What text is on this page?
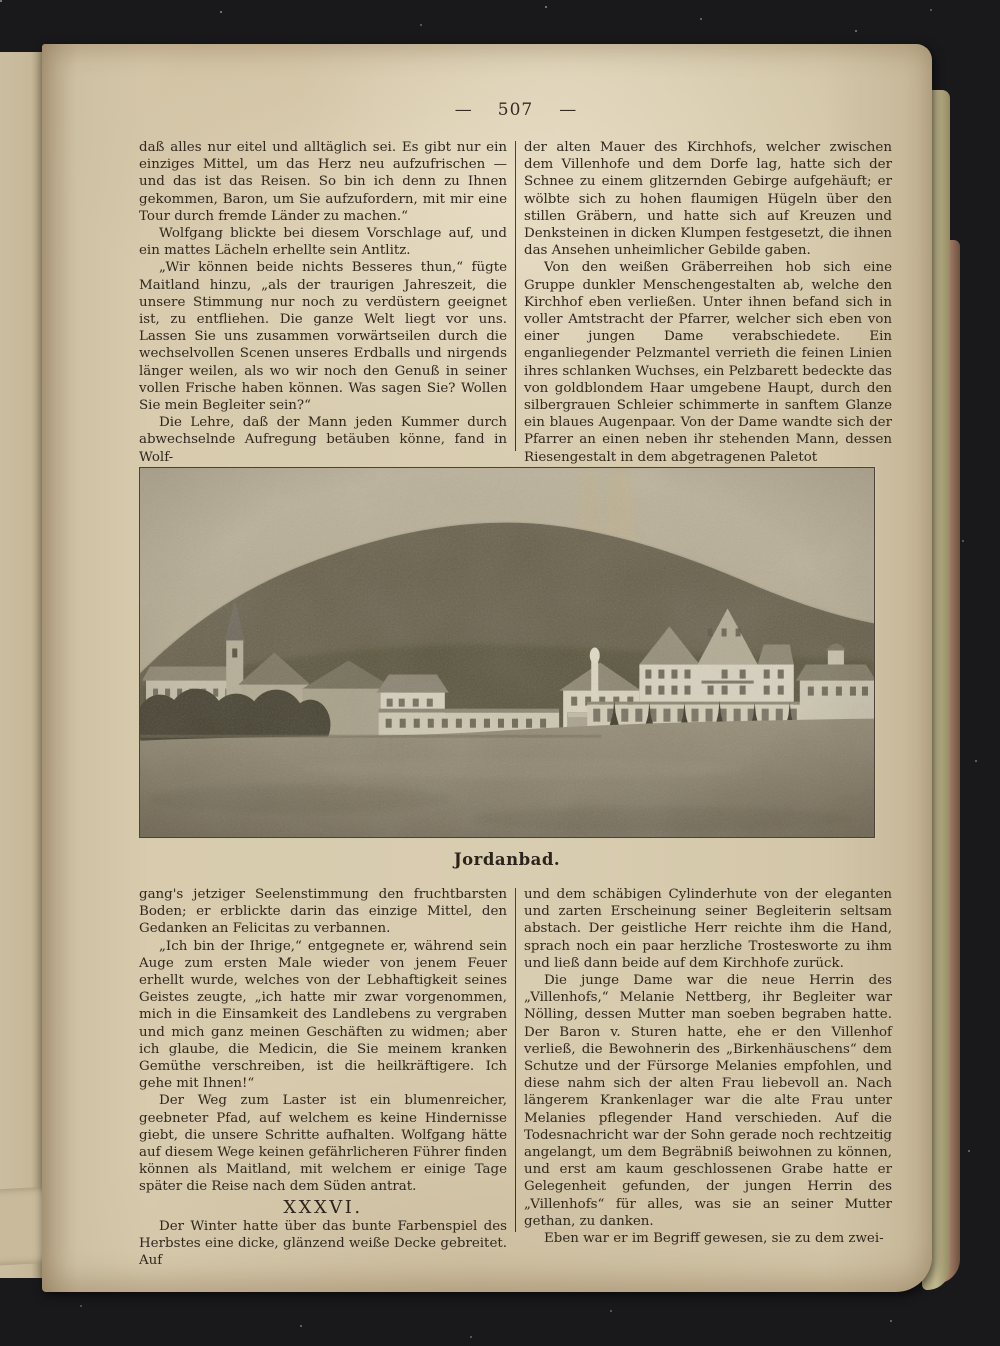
— 507 —

daß alles nur eitel und alltäglich sei. Es gibt nur ein einziges Mittel, um das Herz neu aufzufrischen — und das ist das Reisen. So bin ich denn zu Ihnen gekommen, Baron, um Sie aufzufordern, mit mir eine Tour durch fremde Länder zu machen.“

Wolfgang blickte bei diesem Vorschlage auf, und ein mattes Lächeln erhellte sein Antlitz.

„Wir können beide nichts Besseres thun,“ fügte Maitland hinzu, „als der traurigen Jahreszeit, die unsere Stimmung nur noch zu verdüstern geeignet ist, zu entfliehen. Die ganze Welt liegt vor uns. Lassen Sie uns zusammen vorwärtseilen durch die wechselvollen Scenen unseres Erdballs und nirgends länger weilen, als wo wir noch den Genuß in seiner vollen Frische haben können. Was sagen Sie? Wollen Sie mein Begleiter sein?“

Die Lehre, daß der Mann jeden Kummer durch abwechselnde Aufregung betäuben könne, fand in Wolf-

der alten Mauer des Kirchhofs, welcher zwischen dem Villenhofe und dem Dorfe lag, hatte sich der Schnee zu einem glitzernden Gebirge aufgehäuft; er wölbte sich zu hohen flaumigen Hügeln über den stillen Gräbern, und hatte sich auf Kreuzen und Denksteinen in dicken Klumpen festgesetzt, die ihnen das Ansehen unheimlicher Gebilde gaben.

Von den weißen Gräberreihen hob sich eine Gruppe dunkler Menschengestalten ab, welche den Kirchhof eben verließen. Unter ihnen befand sich in voller Amtstracht der Pfarrer, welcher sich eben von einer jungen Dame verabschiedete. Ein enganliegender Pelzmantel verrieth die feinen Linien ihres schlanken Wuchses, ein Pelzbarett bedeckte das von goldblondem Haar umgebene Haupt, durch den silbergrauen Schleier schimmerte in sanftem Glanze ein blaues Augenpaar. Von der Dame wandte sich der Pfarrer an einen neben ihr stehenden Mann, dessen Riesengestalt in dem abgetragenen Paletot

Jordanbad.

gang's jetziger Seelenstimmung den fruchtbarsten Boden; er erblickte darin das einzige Mittel, den Gedanken an Felicitas zu verbannen.

„Ich bin der Ihrige,“ entgegnete er, während sein Auge zum ersten Male wieder von jenem Feuer erhellt wurde, welches von der Lebhaftigkeit seines Geistes zeugte, „ich hatte mir zwar vorgenommen, mich in die Einsamkeit des Landlebens zu vergraben und mich ganz meinen Geschäften zu widmen; aber ich glaube, die Medicin, die Sie meinem kranken Gemüthe verschreiben, ist die heilkräftigere. Ich gehe mit Ihnen!“

Der Weg zum Laster ist ein blumenreicher, geebneter Pfad, auf welchem es keine Hindernisse giebt, die unsere Schritte aufhalten. Wolfgang hätte auf diesem Wege keinen gefährlicheren Führer finden können als Maitland, mit welchem er einige Tage später die Reise nach dem Süden antrat.

XXXVI.

Der Winter hatte über das bunte Farbenspiel des Herbstes eine dicke, glänzend weiße Decke gebreitet. Auf

und dem schäbigen Cylinderhute von der eleganten und zarten Erscheinung seiner Begleiterin seltsam abstach. Der geistliche Herr reichte ihm die Hand, sprach noch ein paar herzliche Trostesworte zu ihm und ließ dann beide auf dem Kirchhofe zurück.

Die junge Dame war die neue Herrin des „Villenhofs,“ Melanie Nettberg, ihr Begleiter war Nölling, dessen Mutter man soeben begraben hatte. Der Baron v. Sturen hatte, ehe er den Villenhof verließ, die Bewohnerin des „Birkenhäuschens“ dem Schutze und der Fürsorge Melanies empfohlen, und diese nahm sich der alten Frau liebevoll an. Nach längerem Krankenlager war die alte Frau unter Melanies pflegender Hand verschieden. Auf die Todesnachricht war der Sohn gerade noch rechtzeitig angelangt, um dem Begräbniß beiwohnen zu können, und erst am kaum geschlossenen Grabe hatte er Gelegenheit gefunden, der jungen Herrin des „Villenhofs“ für alles, was sie an seiner Mutter gethan, zu danken.

Eben war er im Begriff gewesen, sie zu dem zwei-
